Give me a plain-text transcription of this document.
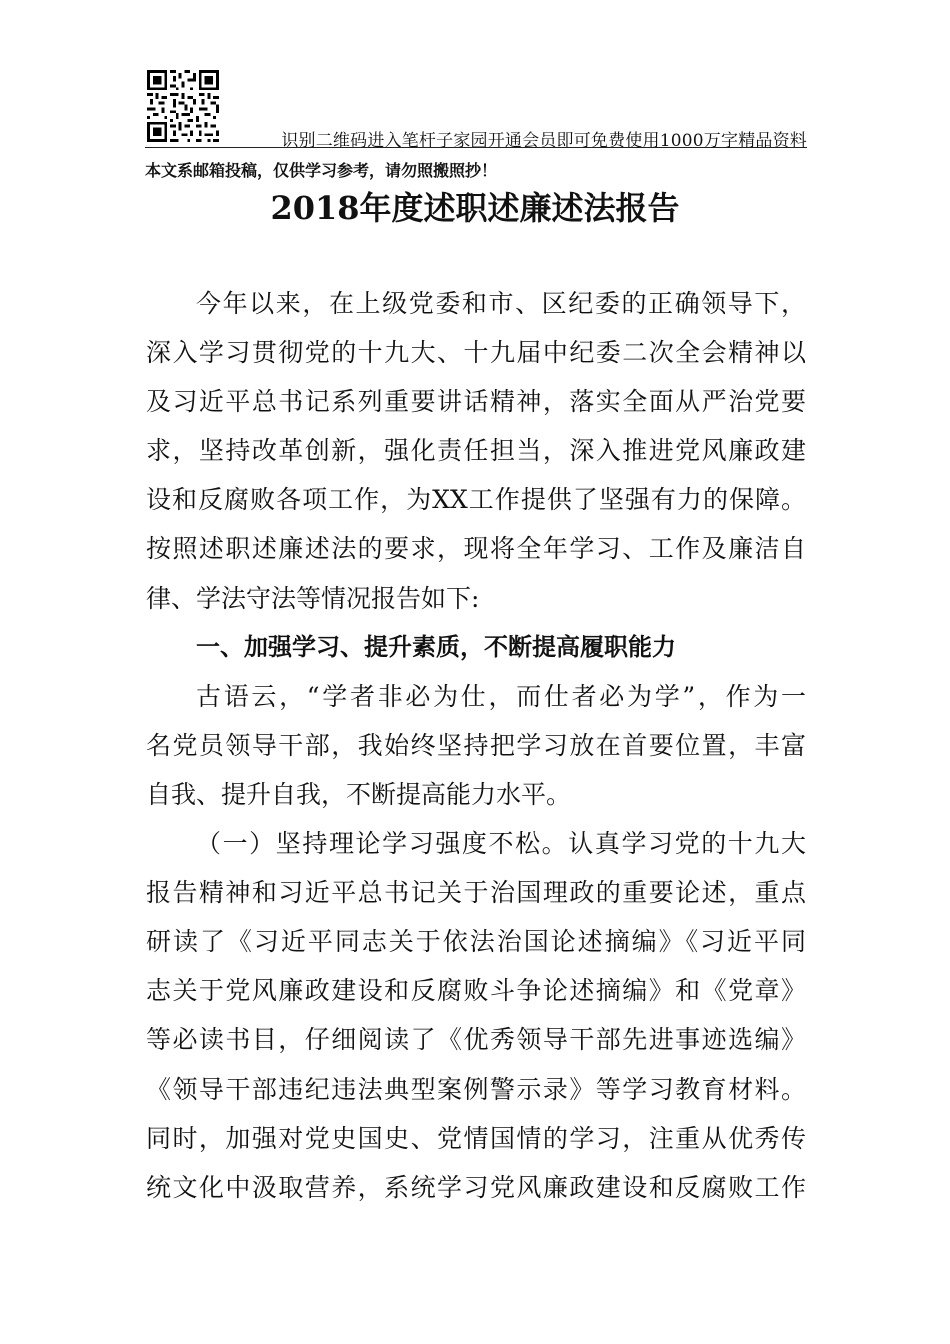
识别二维码进入笔杆子家园开通会员即可免费使用1000万字精品资料
本文系邮箱投稿，仅供学习参考，请勿照搬照抄！
2018年度述职述廉述法报告
今年以来，在上级党委和市、区纪委的正确领导下，
深入学习贯彻党的十九大、十九届中纪委二次全会精神以
及习近平总书记系列重要讲话精神，落实全面从严治党要
求，坚持改革创新，强化责任担当，深入推进党风廉政建
设和反腐败各项工作，为XX工作提供了坚强有力的保障。
按照述职述廉述法的要求，现将全年学习、工作及廉洁自
律、学法守法等情况报告如下:
一、加强学习、提升素质，不断提高履职能力
古语云，“学者非必为仕，而仕者必为学”，作为一
名党员领导干部，我始终坚持把学习放在首要位置，丰富
自我、提升自我，不断提高能力水平。
（一）坚持理论学习强度不松。认真学习党的十九大
报告精神和习近平总书记关于治国理政的重要论述，重点
研读了《习近平同志关于依法治国论述摘编》《习近平同
志关于党风廉政建设和反腐败斗争论述摘编》和《党章》
等必读书目，仔细阅读了《优秀领导干部先进事迹选编》
《领导干部违纪违法典型案例警示录》等学习教育材料。
同时，加强对党史国史、党情国情的学习，注重从优秀传
统文化中汲取营养，系统学习党风廉政建设和反腐败工作
